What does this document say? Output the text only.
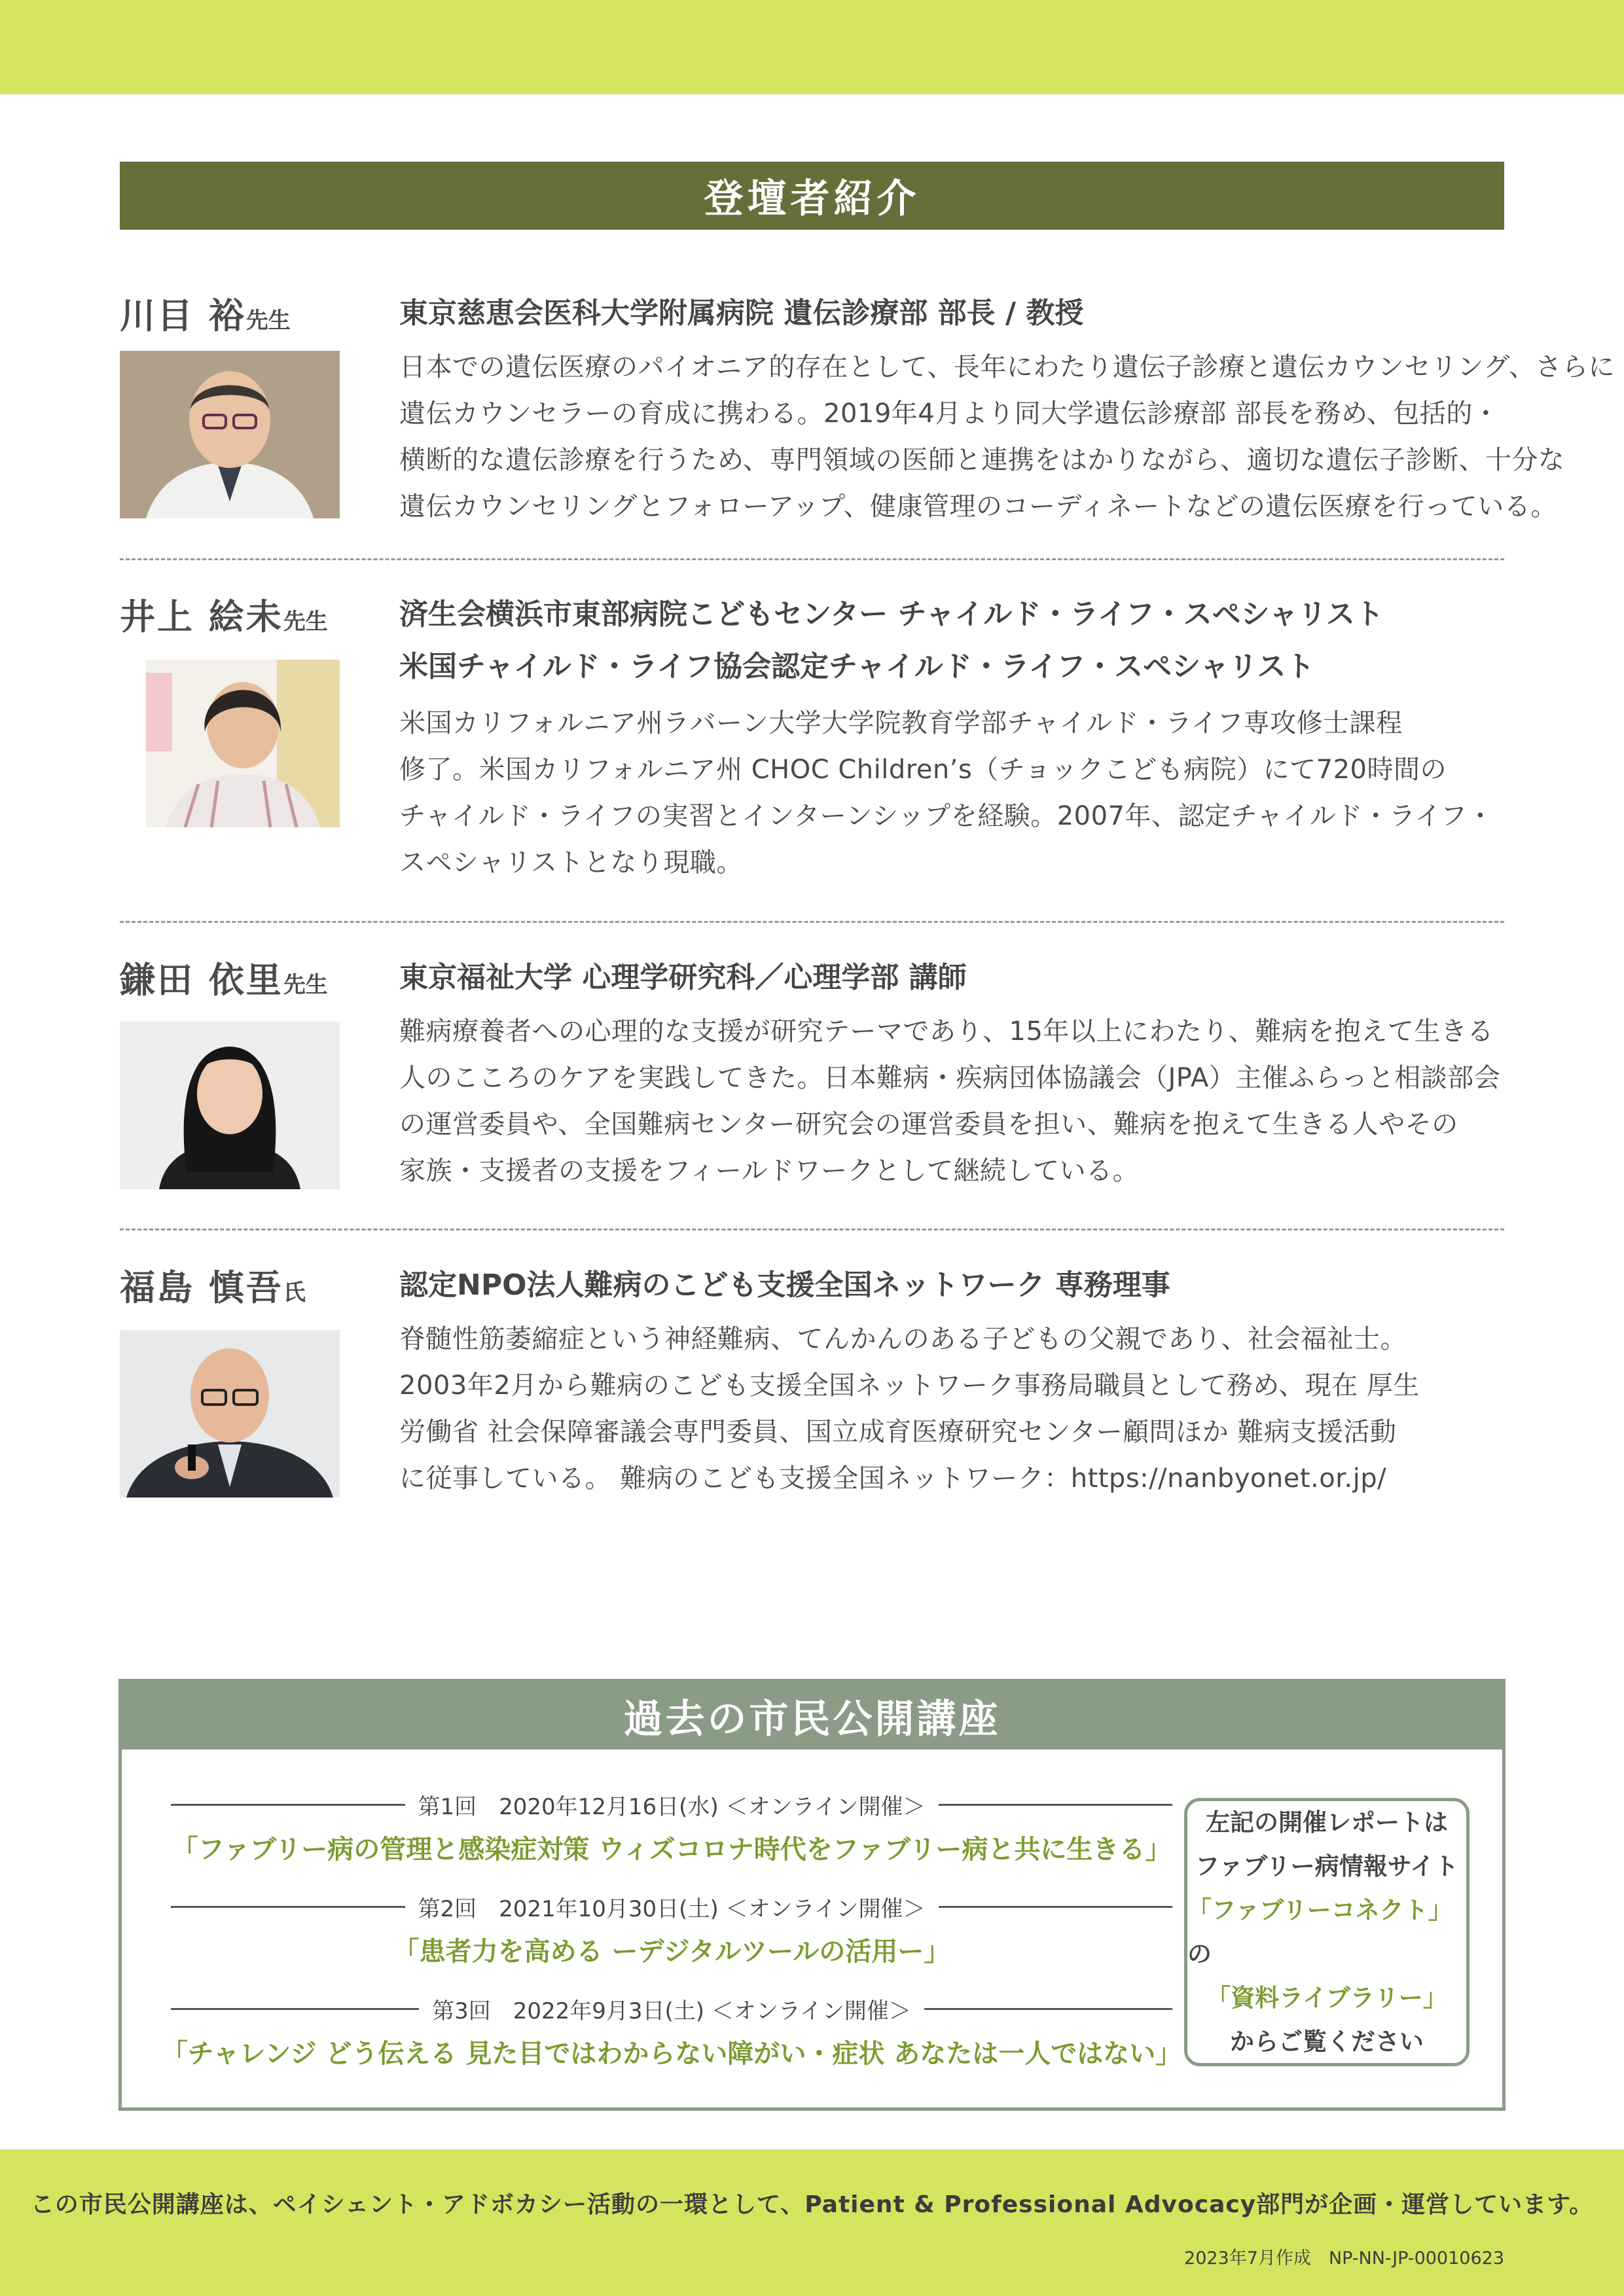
登壇者紹介
川目 裕先生	東京慈恵会医科大学附属病院 遺伝診療部 部長 / 教授
日本での遺伝医療のパイオニア的存在として、長年にわたり遺伝子診療と遺伝カウンセリング、さらに
遺伝カウンセラーの育成に携わる。2019年4月より同大学遺伝診療部 部長を務め、包括的・
横断的な遺伝診療を行うため、専門領域の医師と連携をはかりながら、適切な遺伝子診断、十分な
遺伝カウンセリングとフォローアップ、健康管理のコーディネートなどの遺伝医療を行っている。
井上 絵未先生 済生会横浜市東部病院こどもセンター チャイルド・ライフ・スペシャリスト
米国チャイルド・ライフ協会認定チャイルド・ライフ・スペシャリスト
米国カリフォルニア州ラバーン大学大学院教育学部チャイルド・ライフ専攻修士課程
修了。米国カリフォルニア州 CHOC Children’s（チョックこども病院）にて720時間の
チャイルド・ライフの実習とインターンシップを経験。2007年、認定チャイルド・ライフ・
スペシャリストとなり現職。
鎌田 依里先生 東京福祉大学 心理学研究科／心理学部 講師
難病療養者への心理的な支援が研究テーマであり、15年以上にわたり、難病を抱えて生きる
人のこころのケアを実践してきた。日本難病・疾病団体協議会（JPA）主催ふらっと相談部会
の運営委員や、全国難病センター研究会の運営委員を担い、難病を抱えて生きる人やその
家族・支援者の支援をフィールドワークとして継続している。
福島 慎吾氏	認定NPO法人難病のこども支援全国ネットワーク 専務理事
脊髄性筋萎縮症という神経難病、てんかんのある子どもの父親であり、社会福祉士。
2003年2月から難病のこども支援全国ネットワーク事務局職員として務め、現在 厚生
労働省 社会保障審議会専門委員、国立成育医療研究センター顧問ほか 難病支援活動
に従事している。 難病のこども支援全国ネットワーク：https://nanbyonet.or.jp/
過去の市民公開講座
第1回　2020年12月16日(水) ＜オンライン開催＞
「ファブリー病の管理と感染症対策 ウィズコロナ時代をファブリー病と共に生きる」
第2回　2021年10月30日(土) ＜オンライン開催＞
「患者力を高める ーデジタルツールの活用ー」
第3回　2022年9月3日(土) ＜オンライン開催＞
「チャレンジ どう伝える 見た目ではわからない障がい・症状 あなたは一人ではない」
左記の開催レポートは
ファブリー病情報サイト
「ファブリーコネクト」の
「資料ライブラリー」
からご覧ください
この市民公開講座は、ペイシェント・アドボカシー活動の一環として、Patient & Professional Advocacy部門が企画・運営しています。
2023年7月作成　NP-NN-JP-00010623
